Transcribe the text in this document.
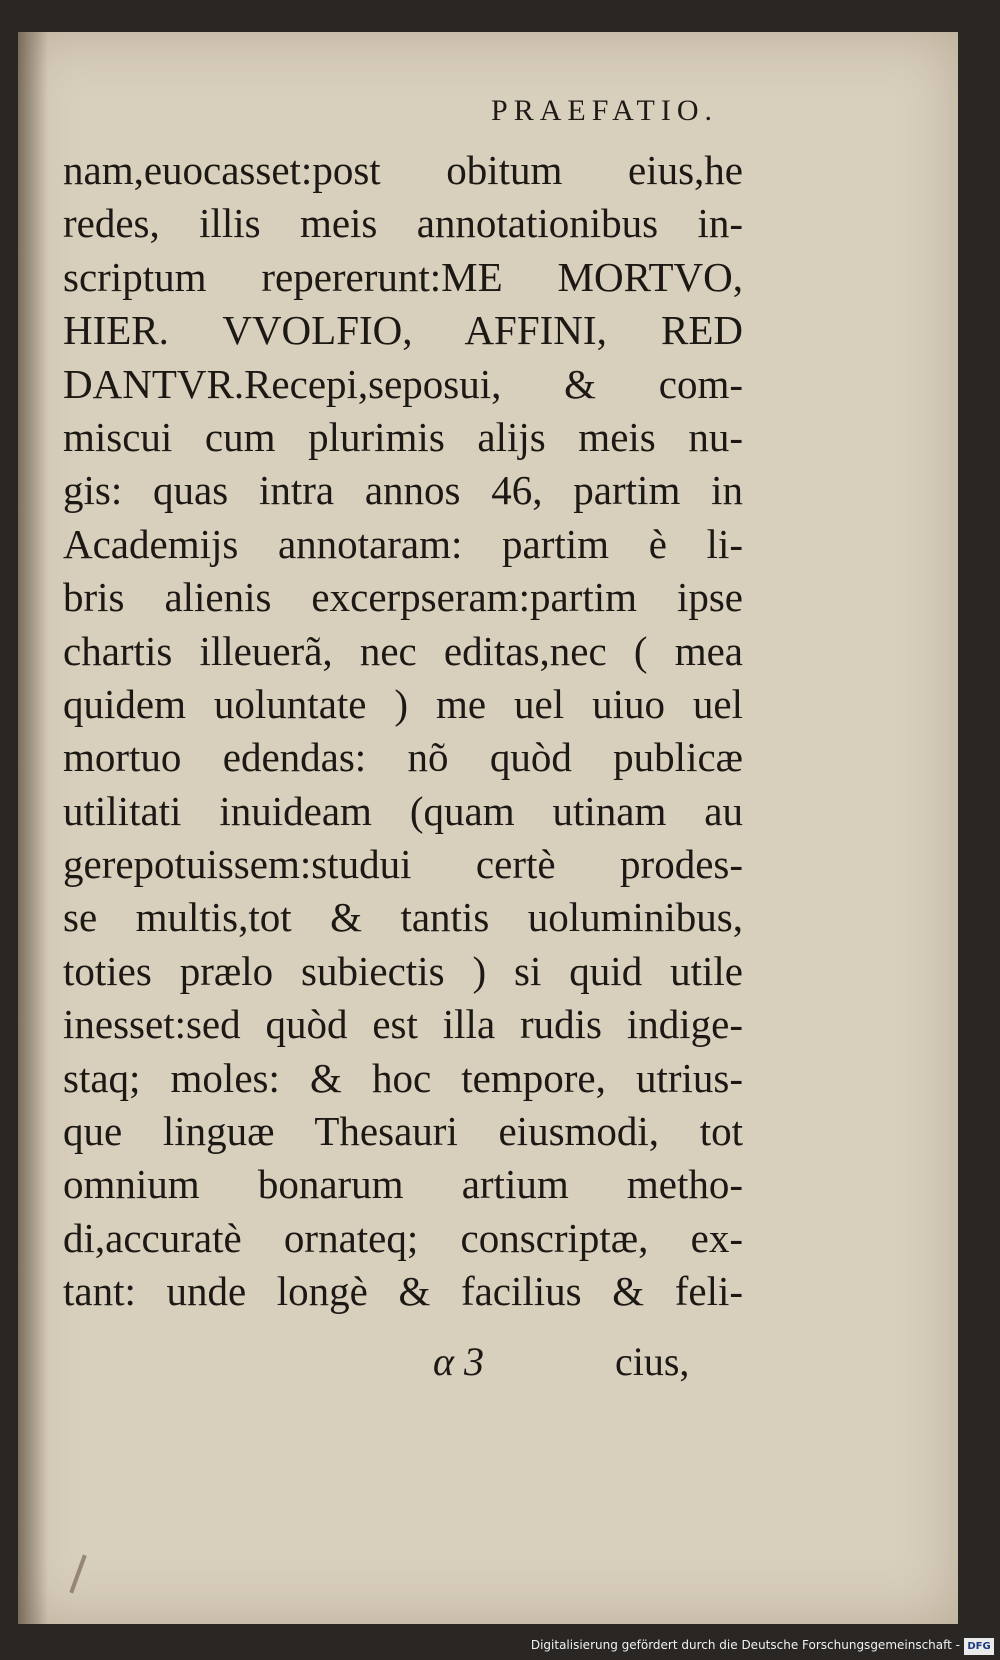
PRAEFATIO.
nam,euocasset:post obitum eius,he
redes, illis meis annotationibus in-
scriptum repererunt:ME MORTVO,
HIER. VVOLFIO, AFFINI, RED
DANTVR.Recepi,seposui, & com-
miscui cum plurimis alijs meis nu-
gis: quas intra annos 46, partim in
Academijs annotaram: partim è li-
bris alienis excerpseram:partim ipse
chartis illeuerã, nec editas,nec ( mea
quidem uoluntate ) me uel uiuo uel
mortuo edendas: nõ quòd publicæ
utilitati inuideam (quam utinam au
gerepotuissem:studui certè prodes-
se multis,tot & tantis uoluminibus,
toties prælo subiectis ) si quid utile
inesset:sed quòd est illa rudis indige-
staq; moles: & hoc tempore, utrius-
que linguæ Thesauri eiusmodi, tot
omnium bonarum artium metho-
di,accuratè ornateq; conscriptæ, ex-
tant: unde longè & facilius & feli-
α 3	cius,
Digitalisierung gefördert durch die Deutsche Forschungsgemeinschaft - DFG
